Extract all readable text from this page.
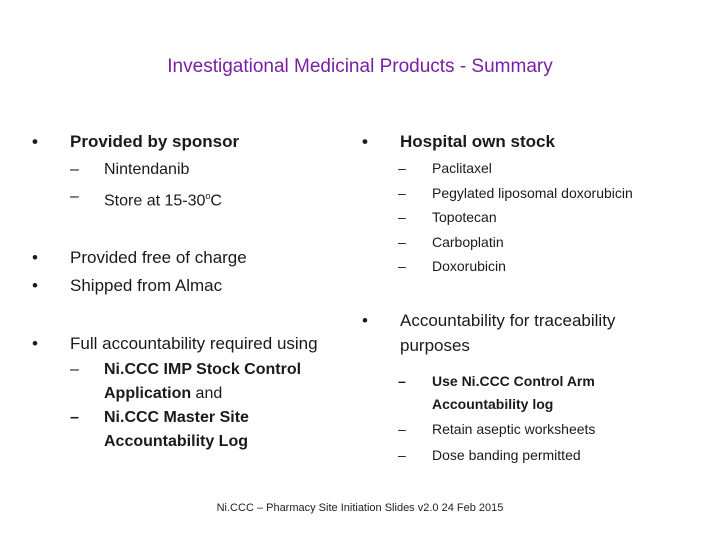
Investigational Medicinal Products - Summary
• Provided by sponsor
– Nintendanib
– Store at 15-30$^o$C
• Provided free of charge
• Shipped from Almac
• Full accountability required using
– Ni.CCC IMP Stock Control Application and
– Ni.CCC Master Site Accountability Log
• Hospital own stock
– Paclitaxel
– Pegylated liposomal doxorubicin
– Topotecan
– Carboplatin
– Doxorubicin
• Accountability for traceability purposes
– Use Ni.CCC Control Arm Accountability log
– Retain aseptic worksheets
– Dose banding permitted
Ni.CCC – Pharmacy Site Initiation Slides v2.0 24 Feb 2015
